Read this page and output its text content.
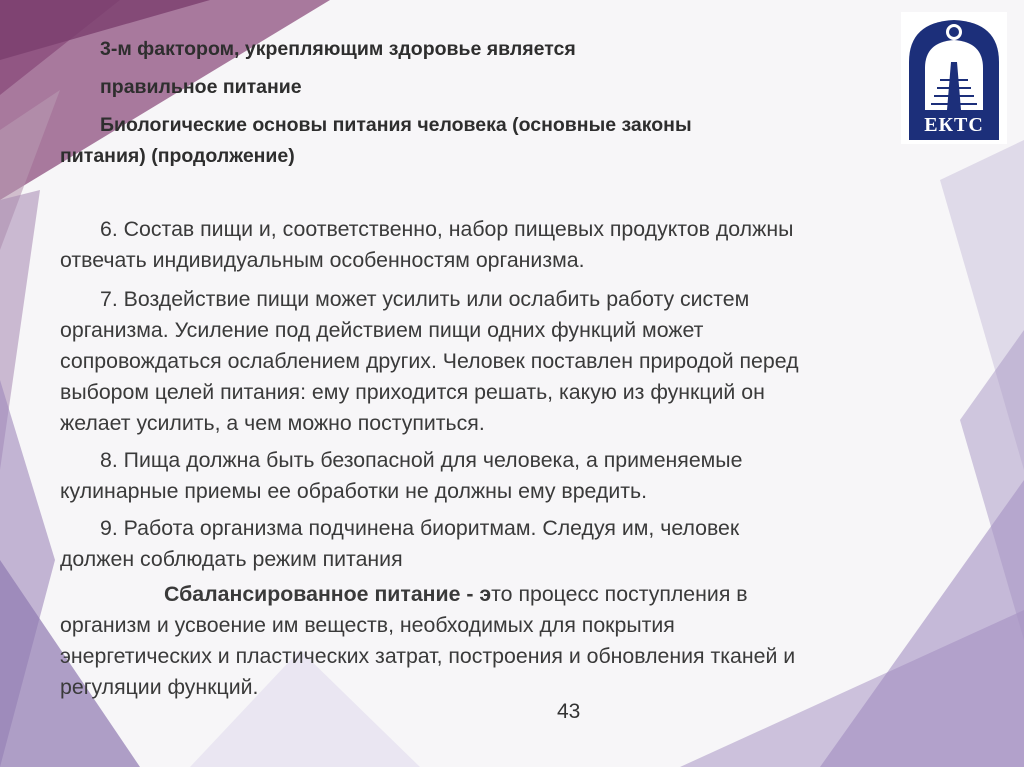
ЕКТС

3-м фактором, укрепляющим здоровье является

правильное питание

Биологические основы питания человека (основные законы

питания) (продолжение)

6. Состав пищи и, соответственно, набор пищевых продуктов должны

отвечать индивидуальным особенностям организма.

7. Воздействие пищи может усилить или ослабить работу систем

организма. Усиление под действием пищи одних функций может

сопровождаться ослаблением других. Человек поставлен природой перед

выбором целей питания: ему приходится решать, какую из функций он

желает усилить, а чем можно поступиться.

8. Пища должна быть безопасной для человека, а применяемые

кулинарные приемы ее обработки не должны ему вредить.

9. Работа организма подчинена биоритмам. Следуя им, человек

должен соблюдать режим питания

Сбалансированное питание - это процесс поступления в

организм и усвоение им веществ, необходимых для покрытия

энергетических и пластических затрат, построения и обновления тканей и

регуляции функций.

43
